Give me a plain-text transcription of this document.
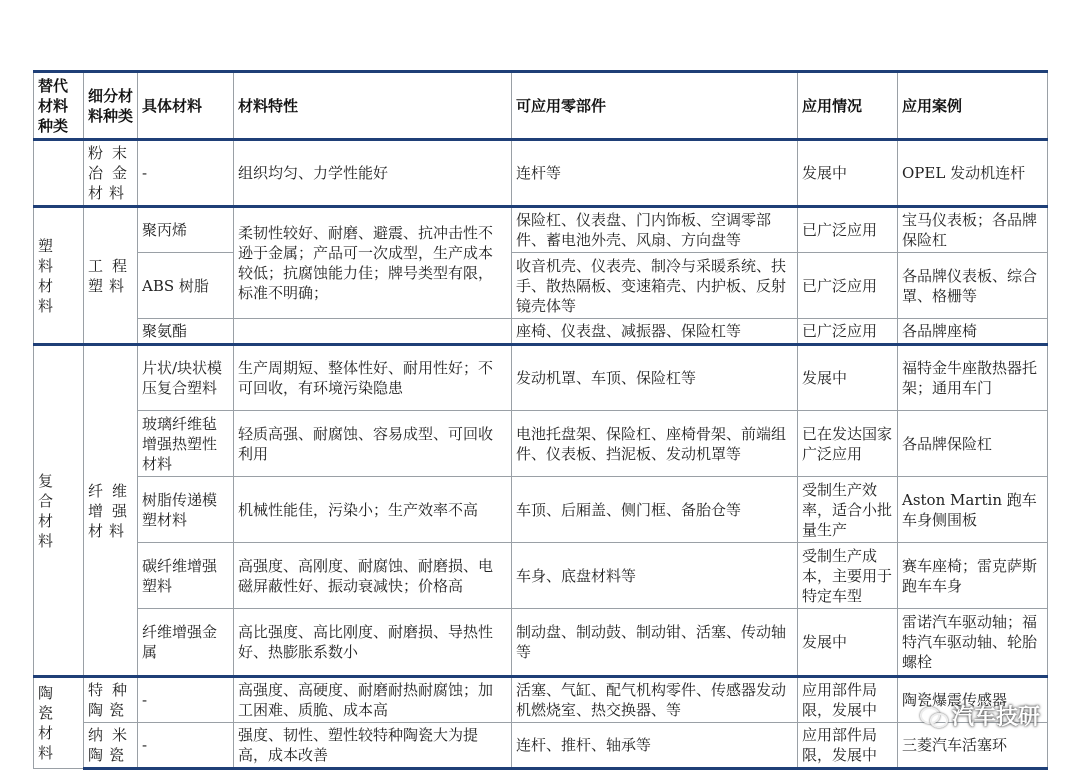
替代材料种类	细分材料种类	具体材料	材料特性	可应用零部件	应用情况	应用案例
	粉末冶金材料	-	组织均匀、力学性能好	连杆等	发展中	OPEL 发动机连杆
塑料材料	工程塑料	聚丙烯	柔韧性较好、耐磨、避震、抗冲击性不逊于金属；产品可一次成型，生产成本较低；抗腐蚀能力佳；牌号类型有限，标准不明确；	保险杠、仪表盘、门内饰板、空调零部件、蓄电池外壳、风扇、方向盘等	已广泛应用	宝马仪表板；各品牌保险杠
		ABS 树脂		收音机壳、仪表壳、制冷与采暖系统、扶手、散热隔板、变速箱壳、内护板、反射镜壳体等	已广泛应用	各品牌仪表板、综合罩、格栅等
		聚氨酯		座椅、仪表盘、减振器、保险杠等	已广泛应用	各品牌座椅
复合材料	纤维增强材料	片状/块状模压复合塑料	生产周期短、整体性好、耐用性好；不可回收，有环境污染隐患	发动机罩、车顶、保险杠等	发展中	福特金牛座散热器托架；通用车门
		玻璃纤维毡增强热塑性材料	轻质高强、耐腐蚀、容易成型、可回收利用	电池托盘架、保险杠、座椅骨架、前端组件、仪表板、挡泥板、发动机罩等	已在发达国家广泛应用	各品牌保险杠
		树脂传递模塑材料	机械性能佳，污染小；生产效率不高	车顶、后厢盖、侧门框、备胎仓等	受制生产效率，适合小批量生产	Aston Martin 跑车车身侧围板
		碳纤维增强塑料	高强度、高刚度、耐腐蚀、耐磨损、电磁屏蔽性好、振动衰减快；价格高	车身、底盘材料等	受制生产成本，主要用于特定车型	赛车座椅；雷克萨斯跑车车身
		纤维增强金属	高比强度、高比刚度、耐磨损、导热性好、热膨胀系数小	制动盘、制动鼓、制动钳、活塞、传动轴等	发展中	雷诺汽车驱动轴；福特汽车驱动轴、轮胎螺栓
陶瓷材料	特种陶瓷	-	高强度、高硬度、耐磨耐热耐腐蚀；加工困难、质脆、成本高	活塞、气缸、配气机构零件、传感器发动机燃烧室、热交换器、等	应用部件局限，发展中	陶瓷爆震传感器
	纳米陶瓷	-	强度、韧性、塑性较特种陶瓷大为提高，成本改善	连杆、推杆、轴承等	应用部件局限，发展中	三菱汽车活塞环
汽车技研
